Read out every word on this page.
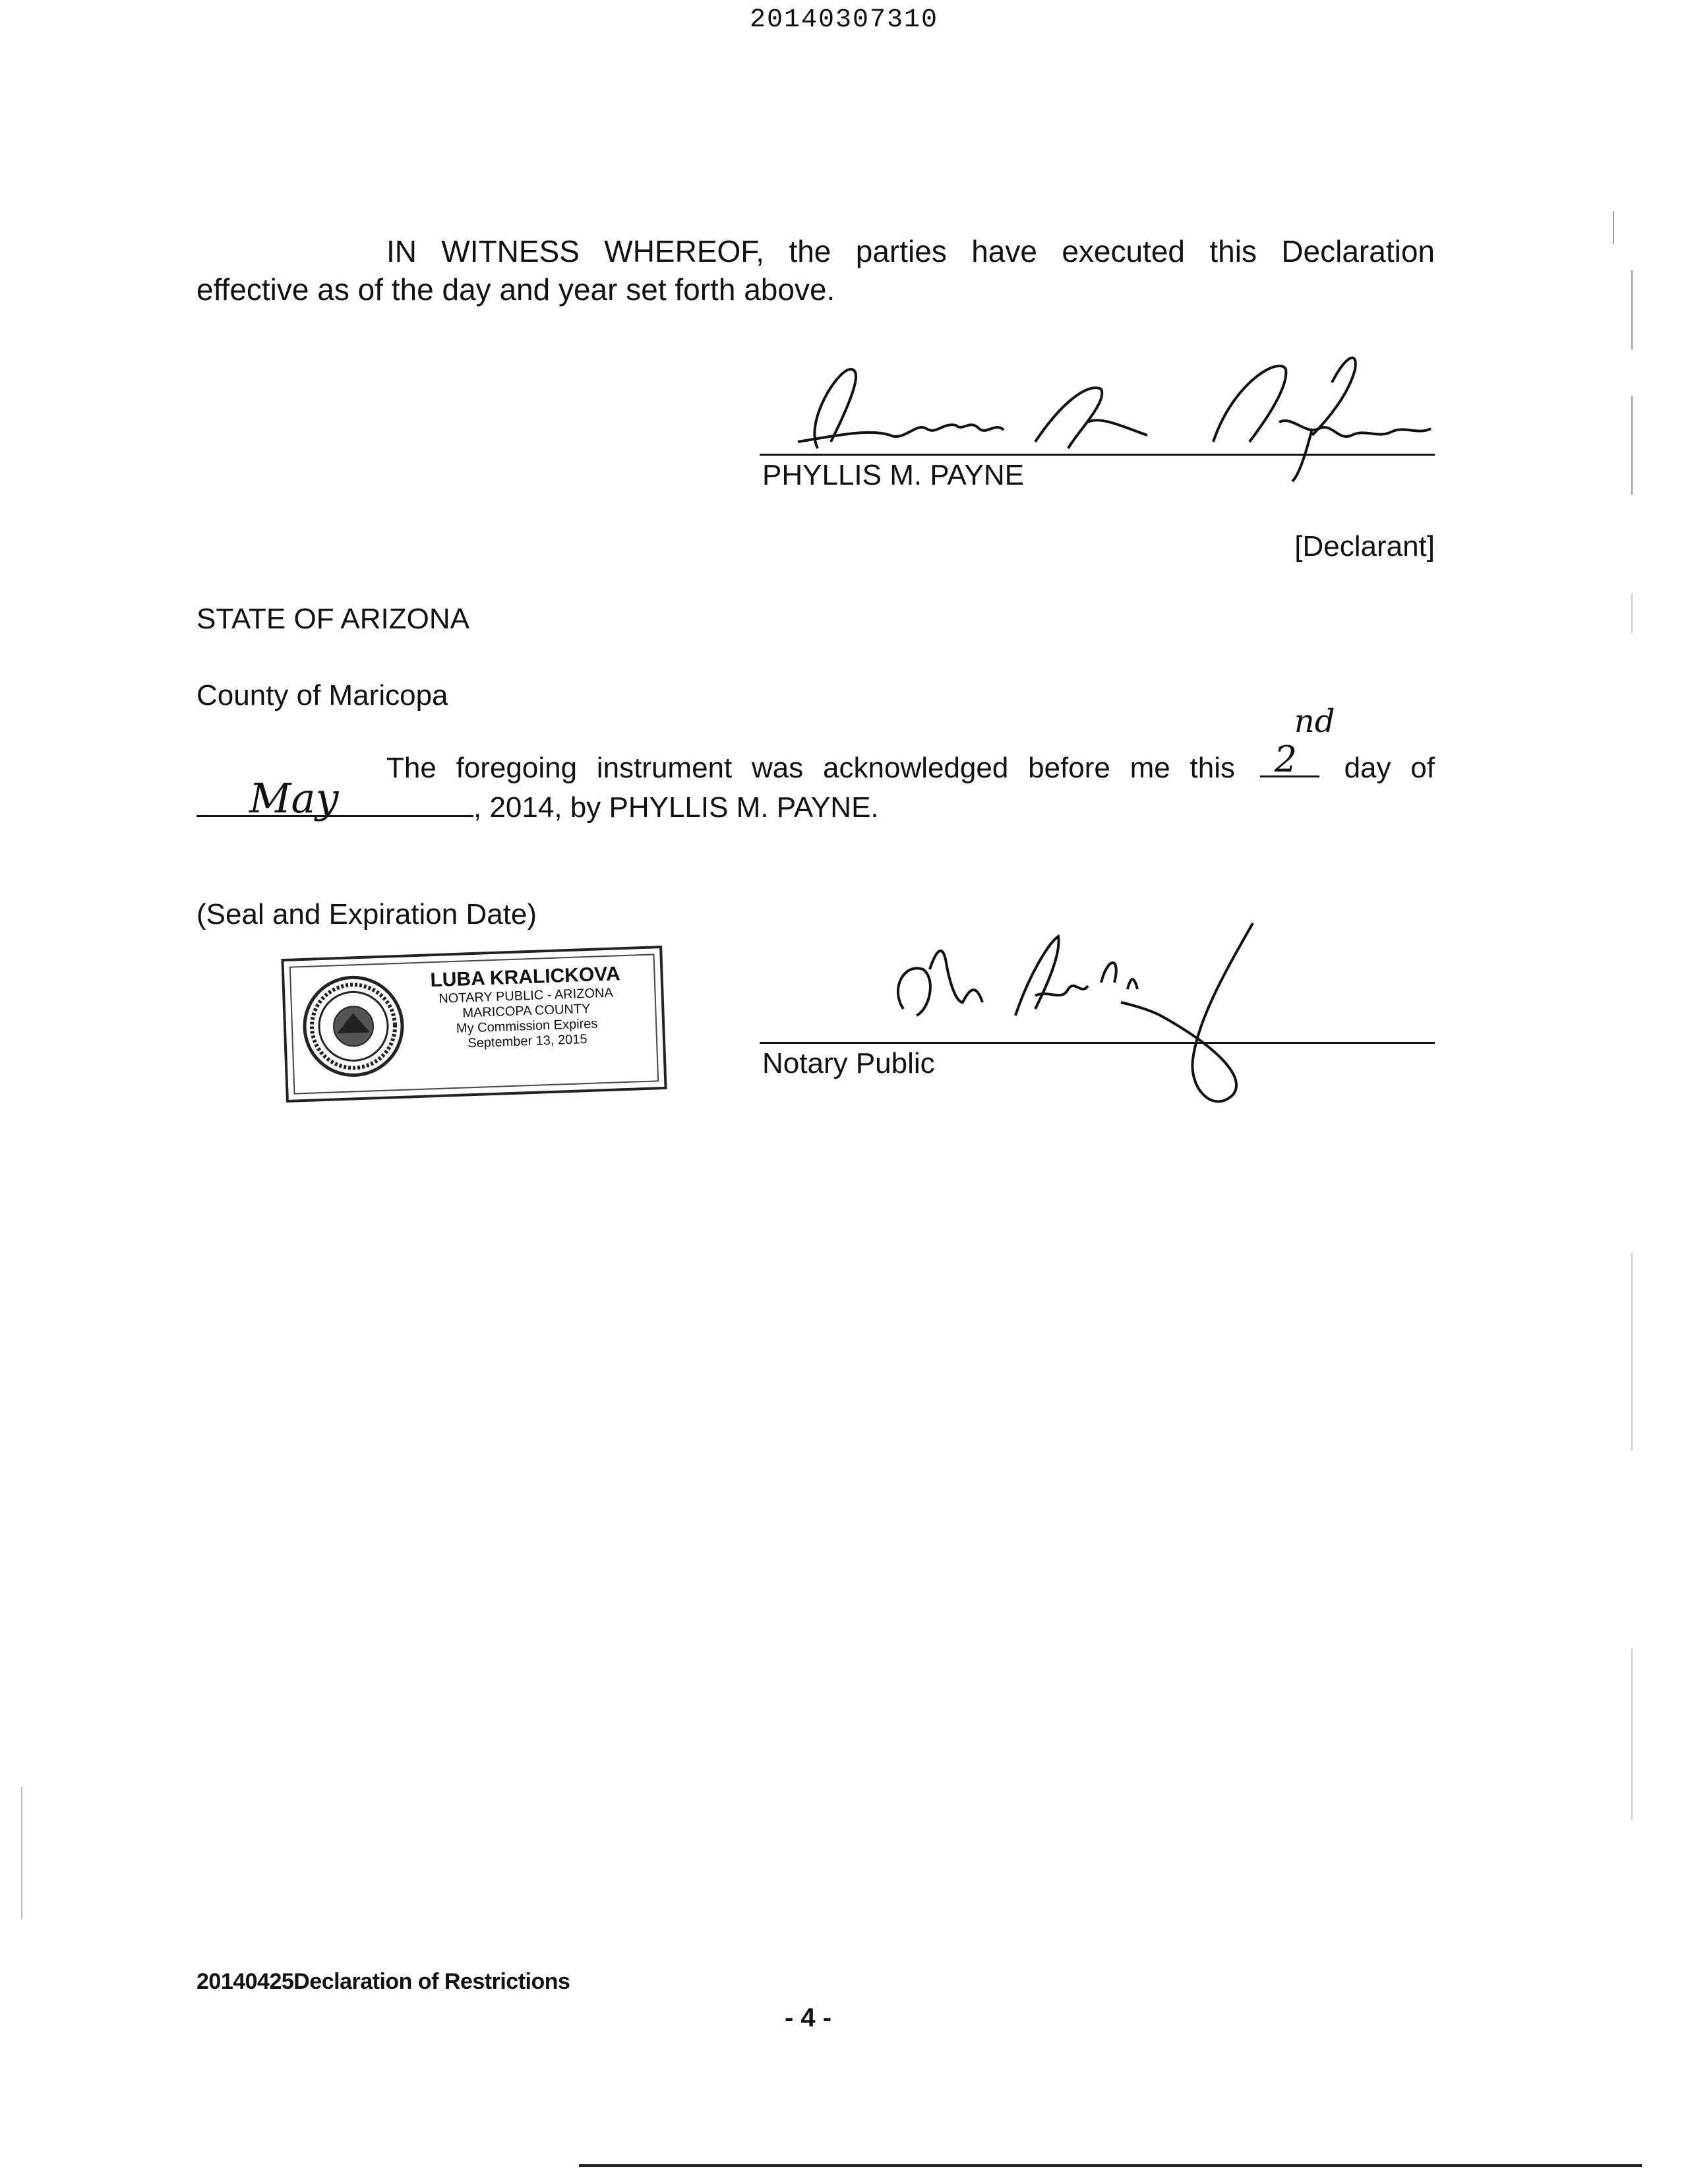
20140307310
IN WITNESS WHEREOF, the parties have executed this Declaration
effective as of the day and year set forth above.
PHYLLIS M. PAYNE
[Declarant]
STATE OF ARIZONA
County of Maricopa
The foregoing instrument was acknowledged before me this 2
nd
day of
May	, 2014, by PHYLLIS M. PAYNE.
(Seal and Expiration Date)
LUBA KRALICKOVA
NOTARY PUBLIC - ARIZONA
MARICOPA COUNTY
My Commission Expires
September 13, 2015
Notary Public
20140425Declaration of Restrictions
- 4 -
